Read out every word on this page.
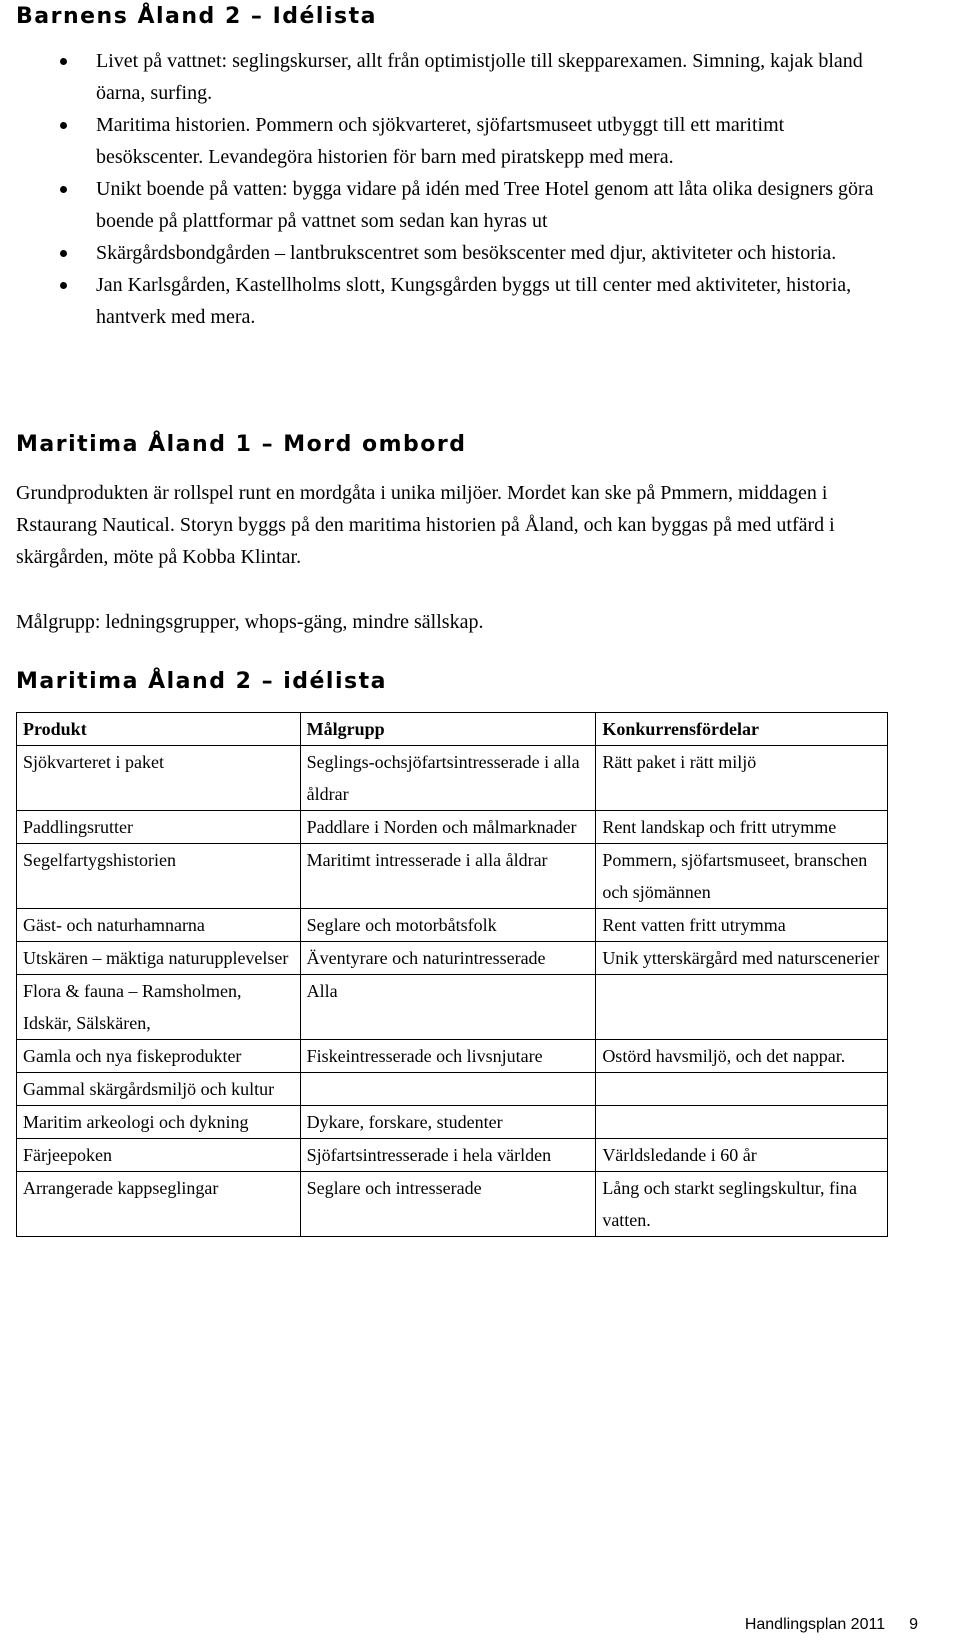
Barnens Åland 2 – Idélista
Livet på vattnet: seglingskurser, allt från optimistjolle till skepparexamen. Simning, kajak bland öarna, surfing.
Maritima historien. Pommern och sjökvarteret, sjöfartsmuseet utbyggt till ett maritimt besökscenter. Levandegöra historien för barn med piratskepp med mera.
Unikt boende på vatten: bygga vidare på idén med Tree Hotel genom att låta olika designers göra boende på plattformar på vattnet som sedan kan hyras ut
Skärgårdsbondgården – lantbrukscentret som besökscenter med djur, aktiviteter och historia.
Jan Karlsgården, Kastellholms slott, Kungsgården byggs ut till center med aktiviteter, historia, hantverk med mera.
Maritima Åland 1 – Mord ombord

Grundprodukten är rollspel runt en mordgåta i unika miljöer. Mordet kan ske på Pmmern, middagen i Rstaurang Nautical. Storyn byggs på den maritima historien på Åland, och kan byggas på med utfärd i skärgården, möte på Kobba Klintar.

Målgrupp: ledningsgrupper, whops-gäng, mindre sällskap.

Maritima Åland 2 – idélista
Produkt	Målgrupp	Konkurrensfördelar
Sjökvarteret i paket	Seglings-ochsjöfartsintresserade i alla åldrar	Rätt paket i rätt miljö
Paddlingsrutter	Paddlare i Norden och målmarknader	Rent landskap och fritt utrymme
Segelfartygshistorien	Maritimt intresserade i alla åldrar	Pommern, sjöfartsmuseet, branschen och sjömännen
Gäst- och naturhamnarna	Seglare och motorbåtsfolk	Rent vatten fritt utrymma
Utskären – mäktiga naturupplevelser	Äventyrare och naturintresserade	Unik ytterskärgård med naturscenerier
Flora & fauna – Ramsholmen, Idskär, Sälskären,	Alla	
Gamla och nya fiskeprodukter	Fiskeintresserade och livsnjutare	Ostörd havsmiljö, och det nappar.
Gammal skärgårdsmiljö och kultur		
Maritim arkeologi och dykning	Dykare, forskare, studenter	
Färjeepoken	Sjöfartsintresserade i hela världen	Världsledande i 60 år
Arrangerade kappseglingar	Seglare och intresserade	Lång och starkt seglingskultur, fina vatten.
Handlingsplan 2011 9
